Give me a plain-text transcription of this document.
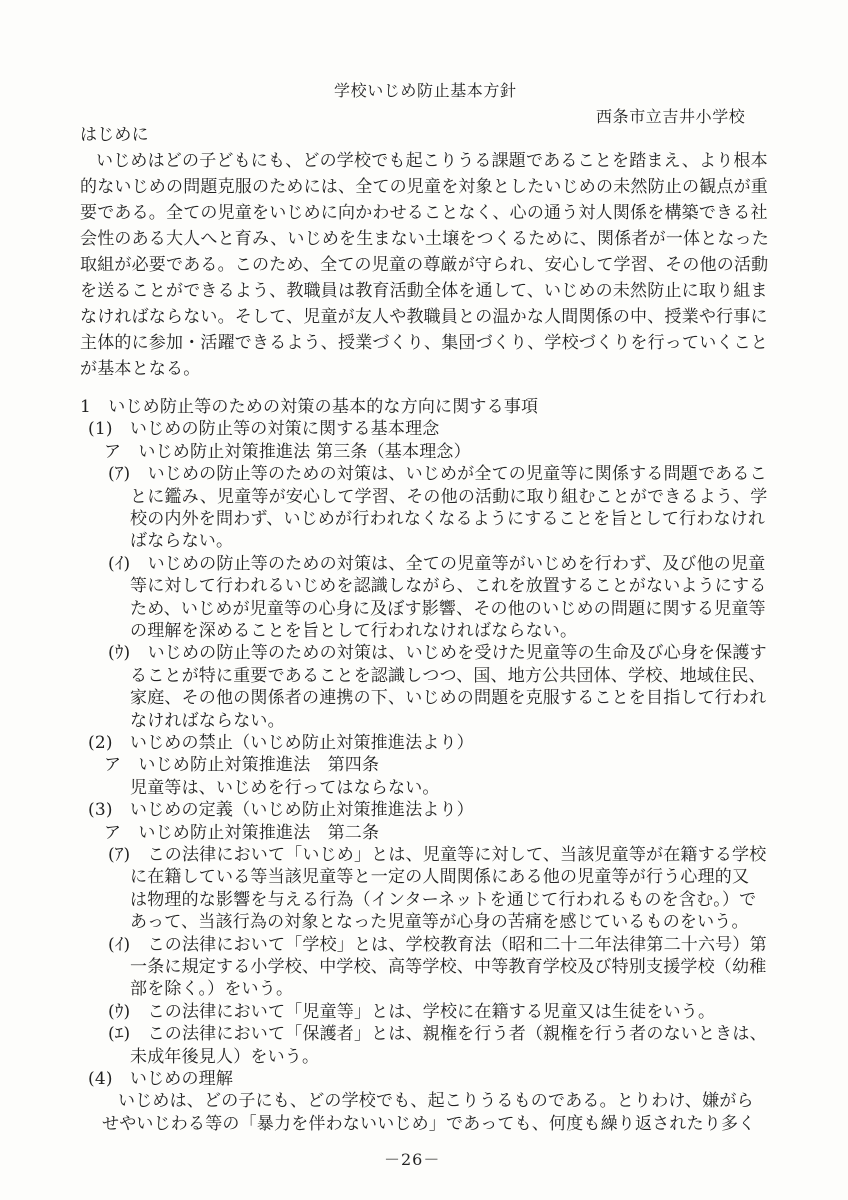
学校いじめ防止基本方針
西条市立吉井小学校
はじめに
いじめはどの子どもにも、どの学校でも起こりうる課題であることを踏まえ、より根本
的ないじめの問題克服のためには、全ての児童を対象としたいじめの未然防止の観点が重
要である。全ての児童をいじめに向かわせることなく、心の通う対人関係を構築できる社
会性のある大人へと育み、いじめを生まない土壌をつくるために、関係者が一体となった
取組が必要である。このため、全ての児童の尊厳が守られ、安心して学習、その他の活動
を送ることができるよう、教職員は教育活動全体を通して、いじめの未然防止に取り組ま
なければならない。そして、児童が友人や教職員との温かな人間関係の中、授業や行事に
主体的に参加・活躍できるよう、授業づくり、集団づくり、学校づくりを行っていくこと
が基本となる。
1　いじめ防止等のための対策の基本的な方向に関する事項
(1)　いじめの防止等の対策に関する基本理念
ア　いじめ防止対策推進法 第三条（基本理念）
(ｱ)　いじめの防止等のための対策は、いじめが全ての児童等に関係する問題であるこ
とに鑑み、児童等が安心して学習、その他の活動に取り組むことができるよう、学
校の内外を問わず、いじめが行われなくなるようにすることを旨として行わなけれ
ばならない。
(ｲ)　いじめの防止等のための対策は、全ての児童等がいじめを行わず、及び他の児童
等に対して行われるいじめを認識しながら、これを放置することがないようにする
ため、いじめが児童等の心身に及ぼす影響、その他のいじめの問題に関する児童等
の理解を深めることを旨として行われなければならない。
(ｳ)　いじめの防止等のための対策は、いじめを受けた児童等の生命及び心身を保護す
ることが特に重要であることを認識しつつ、国、地方公共団体、学校、地域住民、
家庭、その他の関係者の連携の下、いじめの問題を克服することを目指して行われ
なければならない。
(2)　いじめの禁止（いじめ防止対策推進法より）
ア　いじめ防止対策推進法　第四条
児童等は、いじめを行ってはならない。
(3)　いじめの定義（いじめ防止対策推進法より）
ア　いじめ防止対策推進法　第二条
(ｱ)　この法律において「いじめ」とは、児童等に対して、当該児童等が在籍する学校
に在籍している等当該児童等と一定の人間関係にある他の児童等が行う心理的又
は物理的な影響を与える行為（インターネットを通じて行われるものを含む。）で
あって、当該行為の対象となった児童等が心身の苦痛を感じているものをいう。
(ｲ)　この法律において「学校」とは、学校教育法（昭和二十二年法律第二十六号）第
一条に規定する小学校、中学校、高等学校、中等教育学校及び特別支援学校（幼稚
部を除く。）をいう。
(ｳ)　この法律において「児童等」とは、学校に在籍する児童又は生徒をいう。
(ｴ)　この法律において「保護者」とは、親権を行う者（親権を行う者のないときは、
未成年後見人）をいう。
(4)　いじめの理解
いじめは、どの子にも、どの学校でも、起こりうるものである。とりわけ、嫌がら
せやいじわる等の「暴力を伴わないいじめ」であっても、何度も繰り返されたり多く
－26－
